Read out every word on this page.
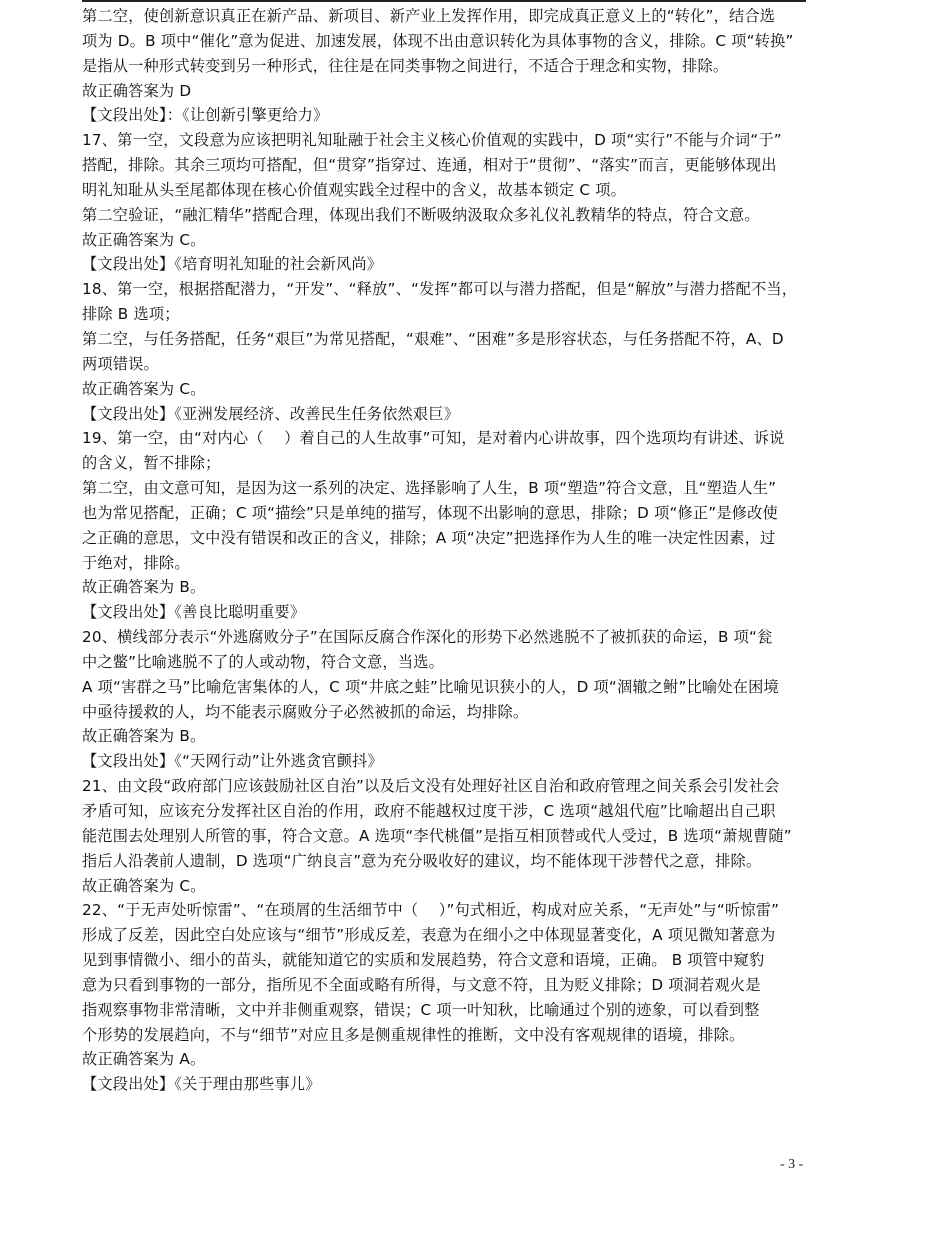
第二空，使创新意识真正在新产品、新项目、新产业上发挥作用，即完成真正意义上的“转化”，结合选
项为 D。B 项中“催化”意为促进、加速发展，体现不出由意识转化为具体事物的含义，排除。C 项“转换”
是指从一种形式转变到另一种形式，往往是在同类事物之间进行，不适合于理念和实物，排除。
故正确答案为 D
【文段出处】：《让创新引擎更给力》
17、第一空，文段意为应该把明礼知耻融于社会主义核心价值观的实践中，D 项“实行”不能与介词“于”
搭配，排除。其余三项均可搭配，但“贯穿”指穿过、连通，相对于“贯彻”、“落实”而言，更能够体现出
明礼知耻从头至尾都体现在核心价值观实践全过程中的含义，故基本锁定 C 项。
第二空验证，“融汇精华”搭配合理，体现出我们不断吸纳汲取众多礼仪礼教精华的特点，符合文意。
故正确答案为 C。
【文段出处】《培育明礼知耻的社会新风尚》
18、第一空，根据搭配潜力，“开发”、“释放”、“发挥”都可以与潜力搭配，但是“解放”与潜力搭配不当，
排除 B 选项；
第二空，与任务搭配，任务“艰巨”为常见搭配，“艰难”、“困难”多是形容状态，与任务搭配不符，A、D
两项错误。
故正确答案为 C。
【文段出处】《亚洲发展经济、改善民生任务依然艰巨》
19、第一空，由“对内心（　 ）着自己的人生故事”可知，是对着内心讲故事，四个选项均有讲述、诉说
的含义，暂不排除；
第二空，由文意可知，是因为这一系列的决定、选择影响了人生，B 项“塑造”符合文意，且“塑造人生”
也为常见搭配，正确；C 项“描绘”只是单纯的描写，体现不出影响的意思，排除；D 项“修正”是修改使
之正确的意思，文中没有错误和改正的含义，排除；A 项“决定”把选择作为人生的唯一决定性因素，过
于绝对，排除。
故正确答案为 B。
【文段出处】《善良比聪明重要》
20、横线部分表示“外逃腐败分子”在国际反腐合作深化的形势下必然逃脱不了被抓获的命运，B 项“瓮
中之鳖”比喻逃脱不了的人或动物，符合文意，当选。
A 项“害群之马”比喻危害集体的人，C 项“井底之蛙”比喻见识狭小的人，D 项“涸辙之鲋”比喻处在困境
中亟待援救的人，均不能表示腐败分子必然被抓的命运，均排除。
故正确答案为 B。
【文段出处】《“天网行动”让外逃贪官颤抖》
21、由文段“政府部门应该鼓励社区自治”以及后文没有处理好社区自治和政府管理之间关系会引发社会
矛盾可知，应该充分发挥社区自治的作用，政府不能越权过度干涉，C 选项“越俎代庖”比喻超出自己职
能范围去处理别人所管的事，符合文意。A 选项“李代桃僵”是指互相顶替或代人受过，B 选项“萧规曹随”
指后人沿袭前人遗制，D 选项“广纳良言”意为充分吸收好的建议，均不能体现干涉替代之意，排除。
故正确答案为 C。
22、“于无声处听惊雷”、“在琐屑的生活细节中（　 ）”句式相近，构成对应关系，“无声处”与“听惊雷”
形成了反差，因此空白处应该与“细节”形成反差，表意为在细小之中体现显著变化，A 项见微知著意为
见到事情微小、细小的苗头，就能知道它的实质和发展趋势，符合文意和语境，正确。 B 项管中窥豹
意为只看到事物的一部分，指所见不全面或略有所得，与文意不符，且为贬义排除；D 项洞若观火是
指观察事物非常清晰，文中并非侧重观察，错误；C 项一叶知秋，比喻通过个别的迹象，可以看到整
个形势的发展趋向，不与“细节”对应且多是侧重规律性的推断，文中没有客观规律的语境，排除。
故正确答案为 A。
【文段出处】《关于理由那些事儿》
- 3 -
